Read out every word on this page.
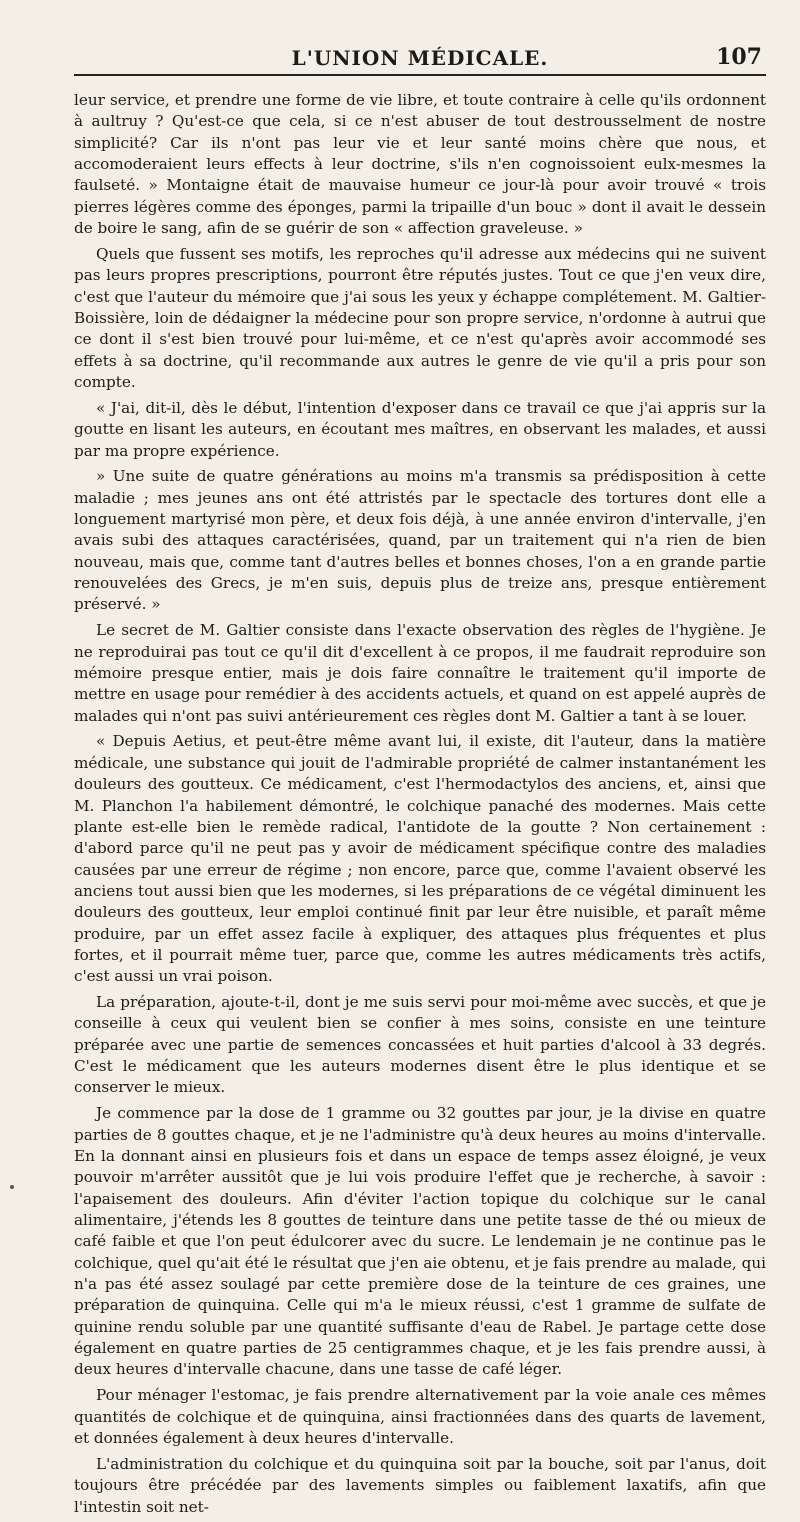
L'UNION MÉDICALE.	107

leur service, et prendre une forme de vie libre, et toute contraire à celle qu'ils ordonnent à aultruy ? Qu'est-ce que cela, si ce n'est abuser de tout destrousselment de nostre simplicité? Car ils n'ont pas leur vie et leur santé moins chère que nous, et accomoderaient leurs effects à leur doctrine, s'ils n'en cognoissoient eulx-mesmes la faulseté. » Montaigne était de mauvaise humeur ce jour-là pour avoir trouvé « trois pierres légères comme des éponges, parmi la tripaille d'un bouc » dont il avait le dessein de boire le sang, afin de se guérir de son « affection graveleuse. »

Quels que fussent ses motifs, les reproches qu'il adresse aux médecins qui ne suivent pas leurs propres prescriptions, pourront être réputés justes. Tout ce que j'en veux dire, c'est que l'auteur du mémoire que j'ai sous les yeux y échappe complétement. M. Galtier-Boissière, loin de dédaigner la médecine pour son propre service, n'ordonne à autrui que ce dont il s'est bien trouvé pour lui-même, et ce n'est qu'après avoir accommodé ses effets à sa doctrine, qu'il recommande aux autres le genre de vie qu'il a pris pour son compte.

« J'ai, dit-il, dès le début, l'intention d'exposer dans ce travail ce que j'ai appris sur la goutte en lisant les auteurs, en écoutant mes maîtres, en observant les malades, et aussi par ma propre expérience.

» Une suite de quatre générations au moins m'a transmis sa prédisposition à cette maladie ; mes jeunes ans ont été attristés par le spectacle des tortures dont elle a longuement martyrisé mon père, et deux fois déjà, à une année environ d'intervalle, j'en avais subi des attaques caractérisées, quand, par un traitement qui n'a rien de bien nouveau, mais que, comme tant d'autres belles et bonnes choses, l'on a en grande partie renouvelées des Grecs, je m'en suis, depuis plus de treize ans, presque entièrement préservé. »

Le secret de M. Galtier consiste dans l'exacte observation des règles de l'hygiène. Je ne reproduirai pas tout ce qu'il dit d'excellent à ce propos, il me faudrait reproduire son mémoire presque entier, mais je dois faire connaître le traitement qu'il importe de mettre en usage pour remédier à des accidents actuels, et quand on est appelé auprès de malades qui n'ont pas suivi antérieurement ces règles dont M. Galtier a tant à se louer.

« Depuis Aetius, et peut-être même avant lui, il existe, dit l'auteur, dans la matière médicale, une substance qui jouit de l'admirable propriété de calmer instantanément les douleurs des goutteux. Ce médicament, c'est l'hermodactylos des anciens, et, ainsi que M. Planchon l'a habilement démontré, le colchique panaché des modernes. Mais cette plante est-elle bien le remède radical, l'antidote de la goutte ? Non certainement : d'abord parce qu'il ne peut pas y avoir de médicament spécifique contre des maladies causées par une erreur de régime ; non encore, parce que, comme l'avaient observé les anciens tout aussi bien que les modernes, si les préparations de ce végétal diminuent les douleurs des goutteux, leur emploi continué finit par leur être nuisible, et paraît même produire, par un effet assez facile à expliquer, des attaques plus fréquentes et plus fortes, et il pourrait même tuer, parce que, comme les autres médicaments très actifs, c'est aussi un vrai poison.

La préparation, ajoute-t-il, dont je me suis servi pour moi-même avec succès, et que je conseille à ceux qui veulent bien se confier à mes soins, consiste en une teinture préparée avec une partie de semences concassées et huit parties d'alcool à 33 degrés. C'est le médicament que les auteurs modernes disent être le plus identique et se conserver le mieux.

Je commence par la dose de 1 gramme ou 32 gouttes par jour, je la divise en quatre parties de 8 gouttes chaque, et je ne l'administre qu'à deux heures au moins d'intervalle. En la donnant ainsi en plusieurs fois et dans un espace de temps assez éloigné, je veux pouvoir m'arrêter aussitôt que je lui vois produire l'effet que je recherche, à savoir : l'apaisement des douleurs. Afin d'éviter l'action topique du colchique sur le canal alimentaire, j'étends les 8 gouttes de teinture dans une petite tasse de thé ou mieux de café faible et que l'on peut édulcorer avec du sucre. Le lendemain je ne continue pas le colchique, quel qu'ait été le résultat que j'en aie obtenu, et je fais prendre au malade, qui n'a pas été assez soulagé par cette première dose de la teinture de ces graines, une préparation de quinquina. Celle qui m'a le mieux réussi, c'est 1 gramme de sulfate de quinine rendu soluble par une quantité suffisante d'eau de Rabel. Je partage cette dose également en quatre parties de 25 centigrammes chaque, et je les fais prendre aussi, à deux heures d'intervalle chacune, dans une tasse de café léger.

Pour ménager l'estomac, je fais prendre alternativement par la voie anale ces mêmes quantités de colchique et de quinquina, ainsi fractionnées dans des quarts de lavement, et données également à deux heures d'intervalle.

L'administration du colchique et du quinquina soit par la bouche, soit par l'anus, doit toujours être précédée par des lavements simples ou faiblement laxatifs, afin que l'intestin soit net-
